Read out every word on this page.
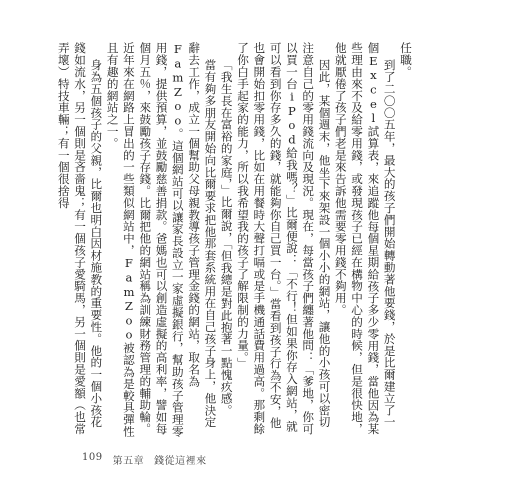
任職。

到了二〇〇五年，最大的孩子們開始轉動著他要錢，於是比爾建立了一個Excel試算表，來追蹤他每個星期給孩子多少零用錢，當他因為某些理由來不及給零用錢，或發現孩子已經在構物中心的時候，但是很快地，他就厭倦了孩子們老是來告訴他需要零用錢不夠用。

因此，某個週末，他坐下來架設一個小小的網站，讓他的小孩可以密切注意自己的零用錢流向及現況。現在，每當孩子們纏著他問：「爹地，你可以買一台iPod給我嗎？」比爾便說：「不行！但如果你存入網站，就可以看到你存多久的錢，就能夠你自己買一台。」當看到孩子行為不安，他也會開始扣零用錢，比如在用餐時大聲打嗝或是手機通話費用過高。那剩餘了你白手起家的能力，所以我希望我的孩子了解限制的力量。」

「我生長在富裕的家庭，」比爾說，「但我總是對此抱著一點愧疚感。

當有夠多朋友開始向比爾要求把他那套系統用在自己孩子身上，他決定辭去工作，成立一個幫助父母親教導孩子管理金錢的網站，取名為FamZoo。這個網站可以讓家長設立一家虛擬銀行，幫助孩子管理零用錢，提供預算，並鼓勵慈善捐款。爸媽也可以創造虛擬的高利率，譬如每個月五％，來鼓勵孩子存錢。比爾把他的網站稱為訓練財務管理的輔助輪。近年來在網路上冒出的一些類似網站中，FamZoo被認為是較具彈性且有趣的網站之一。

身為五個孩子的父親，比爾也明白因材施教的重要性。他的一個小孩花錢如流水，另一個則是吝嗇鬼；有一個孩子愛騎馬，另一個則是愛額（也常弄壞）特技車輛；有一個很捨得

109 第五章 錢從這裡來
